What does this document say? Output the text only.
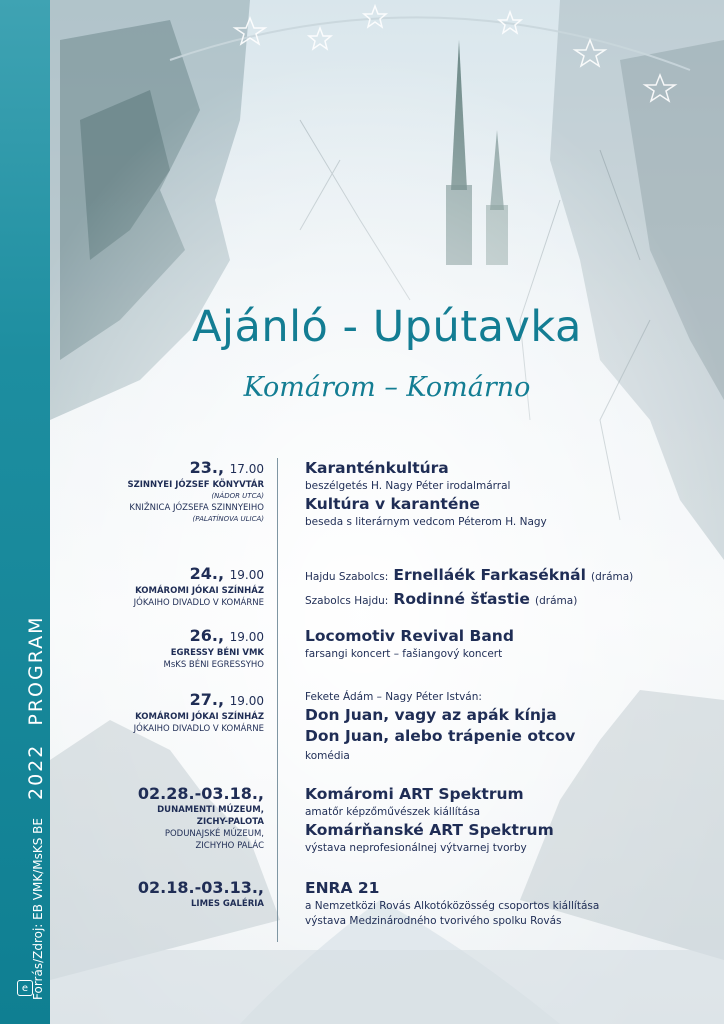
Forrás/Zdroj: EB VMK/MsKS BE
2022
PROGRAM
e
Ajánló - Upútavka
Komárom – Komárno
23., 17.00
SZINNYEI JÓZSEF KÖNYVTÁR
(NÁDOR UTCA)
KNIŽNICA JÓZSEFA SZINNYEIHO
(PALATÍNOVA ULICA)
Karanténkultúra
beszélgetés H. Nagy Péter irodalmárral
Kultúra v karanténe
beseda s literárnym vedcom Péterom H. Nagy
24., 19.00
KOMÁROMI JÓKAI SZÍNHÁZ
JÓKAIHO DIVADLO V KOMÁRNE
Hajdu Szabolcs: Ernelláék Farkaséknál (dráma)
Szabolcs Hajdu: Rodinné šťastie (dráma)
26., 19.00
EGRESSY BÉNI VMK
MsKS BÉNI EGRESSYHO
Locomotiv Revival Band
farsangi koncert – fašiangový koncert
27., 19.00
KOMÁROMI JÓKAI SZÍNHÁZ
JÓKAIHO DIVADLO V KOMÁRNE
Fekete Ádám – Nagy Péter István:
Don Juan, vagy az apák kínja
Don Juan, alebo trápenie otcov
komédia
02.28.-03.18.,
DUNAMENTI MÚZEUM,
ZICHY-PALOTA
PODUNAJSKÉ MÚZEUM,
ZICHYHO PALÁC
Komáromi ART Spektrum
amatőr képzőművészek kiállítása
Komárňanské ART Spektrum
výstava neprofesionálnej výtvarnej tvorby
02.18.-03.13.,
LIMES GALÉRIA
ENRA 21
a Nemzetközi Rovás Alkotóközösség csoportos kiállítása
výstava Medzinárodného tvorivého spolku Rovás
